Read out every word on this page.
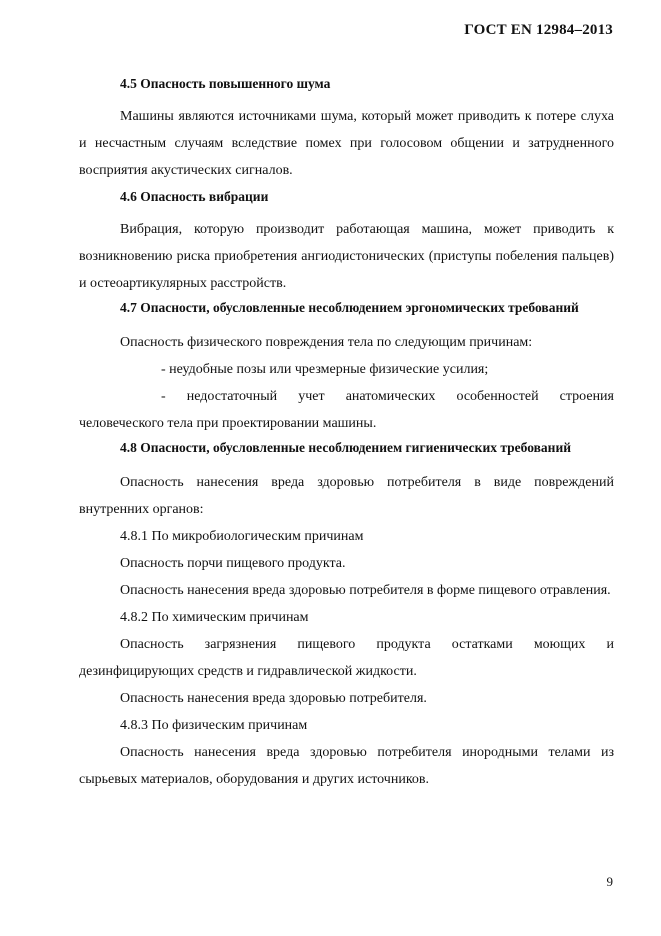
ГОСТ EN 12984–2013

4.5 Опасность повышенного шума

Машины являются источниками шума, который может приводить к потере слуха и несчастным случаям вследствие помех при голосовом общении и затрудненного восприятия акустических сигналов.

4.6 Опасность вибрации

Вибрация, которую производит работающая машина, может приводить к возникновению риска приобретения ангиодистонических (приступы побеления пальцев) и остеоартикулярных расстройств.

4.7 Опасности, обусловленные несоблюдением эргономических требований

Опасность физического повреждения тела по следующим причинам:

- неудобные позы или чрезмерные физические усилия;

- недостаточный учет анатомических особенностей строения человеческого тела при проектировании машины.

4.8 Опасности, обусловленные несоблюдением гигиенических требований

Опасность нанесения вреда здоровью потребителя в виде повреждений внутренних органов:

4.8.1 По микробиологическим причинам

Опасность порчи пищевого продукта.

Опасность нанесения вреда здоровью потребителя в форме пищевого отравления.

4.8.2 По химическим причинам

Опасность загрязнения пищевого продукта остатками моющих и дезинфицирующих средств и гидравлической жидкости.

Опасность нанесения вреда здоровью потребителя.

4.8.3 По физическим причинам

Опасность нанесения вреда здоровью потребителя инородными телами из сырьевых материалов, оборудования и других источников.

9
